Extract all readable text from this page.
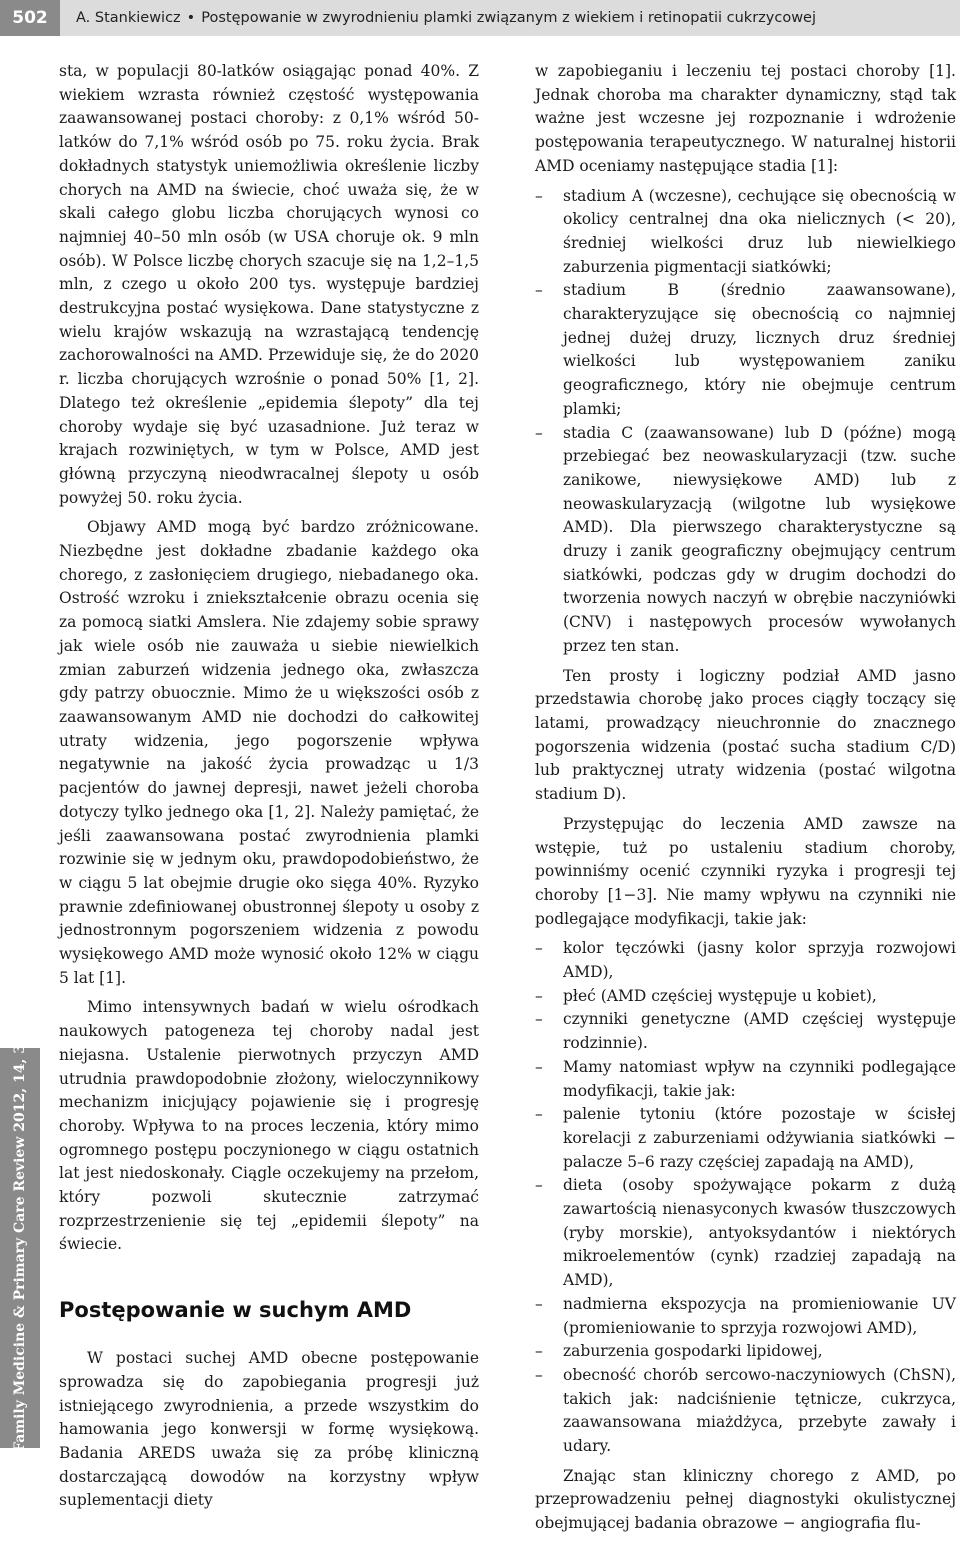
502	A. Stankiewicz • Postępowanie w zwyrodnieniu plamki związanym z wiekiem i retinopatii cukrzycowej
Family Medicine & Primary Care Review 2012, 14, 3

sta, w populacji 80-latków osiągając ponad 40%. Z wiekiem wzrasta również częstość występowania zaawansowanej postaci choroby: z 0,1% wśród 50-latków do 7,1% wśród osób po 75. roku życia. Brak dokładnych statystyk uniemożliwia określenie liczby chorych na AMD na świecie, choć uważa się, że w skali całego globu liczba chorujących wynosi co najmniej 40–50 mln osób (w USA choruje ok. 9 mln osób). W Polsce liczbę chorych szacuje się na 1,2–1,5 mln, z czego u około 200 tys. występuje bardziej destrukcyjna postać wysiękowa. Dane statystyczne z wielu krajów wskazują na wzrastającą tendencję zachorowalności na AMD. Przewiduje się, że do 2020 r. liczba chorujących wzrośnie o ponad 50% [1, 2]. Dlatego też określenie „epidemia ślepoty” dla tej choroby wydaje się być uzasadnione. Już teraz w krajach rozwiniętych, w tym w Polsce, AMD jest główną przyczyną nieodwracalnej ślepoty u osób powyżej 50. roku życia.

Objawy AMD mogą być bardzo zróżnicowane. Niezbędne jest dokładne zbadanie każdego oka chorego, z zasłonięciem drugiego, niebadanego oka. Ostrość wzroku i zniekształcenie obrazu ocenia się za pomocą siatki Amslera. Nie zdajemy sobie sprawy jak wiele osób nie zauważa u siebie niewielkich zmian zaburzeń widzenia jednego oka, zwłaszcza gdy patrzy obuocznie. Mimo że u większości osób z zaawansowanym AMD nie dochodzi do całkowitej utraty widzenia, jego pogorszenie wpływa negatywnie na jakość życia prowadząc u 1/3 pacjentów do jawnej depresji, nawet jeżeli choroba dotyczy tylko jednego oka [1, 2]. Należy pamiętać, że jeśli zaawansowana postać zwyrodnienia plamki rozwinie się w jednym oku, prawdopodobieństwo, że w ciągu 5 lat obejmie drugie oko sięga 40%. Ryzyko prawnie zdefiniowanej obustronnej ślepoty u osoby z jednostronnym pogorszeniem widzenia z powodu wysiękowego AMD może wynosić około 12% w ciągu 5 lat [1].

Mimo intensywnych badań w wielu ośrodkach naukowych patogeneza tej choroby nadal jest niejasna. Ustalenie pierwotnych przyczyn AMD utrudnia prawdopodobnie złożony, wieloczynnikowy mechanizm inicjujący pojawienie się i progresję choroby. Wpływa to na proces leczenia, który mimo ogromnego postępu poczynionego w ciągu ostatnich lat jest niedoskonały. Ciągle oczekujemy na przełom, który pozwoli skutecznie zatrzymać rozprzestrzenienie się tej „epidemii ślepoty” na świecie.

Postępowanie w suchym AMD

W postaci suchej AMD obecne postępowanie sprowadza się do zapobiegania progresji już istniejącego zwyrodnienia, a przede wszystkim do hamowania jego konwersji w formę wysiękową. Badania AREDS uważa się za próbę kliniczną dostarczającą dowodów na korzystny wpływ suplementacji diety

w zapobieganiu i leczeniu tej postaci choroby [1]. Jednak choroba ma charakter dynamiczny, stąd tak ważne jest wczesne jej rozpoznanie i wdrożenie postępowania terapeutycznego. W naturalnej historii AMD oceniamy następujące stadia [1]:

– stadium A (wczesne), cechujące się obecnością w okolicy centralnej dna oka nielicznych (< 20), średniej wielkości druz lub niewielkiego zaburzenia pigmentacji siatkówki;
– stadium B (średnio zaawansowane), charakteryzujące się obecnością co najmniej jednej dużej druzy, licznych druz średniej wielkości lub występowaniem zaniku geograficznego, który nie obejmuje centrum plamki;
– stadia C (zaawansowane) lub D (późne) mogą przebiegać bez neowaskularyzacji (tzw. suche zanikowe, niewysiękowe AMD) lub z neowaskularyzacją (wilgotne lub wysiękowe AMD). Dla pierwszego charakterystyczne są druzy i zanik geograficzny obejmujący centrum siatkówki, podczas gdy w drugim dochodzi do tworzenia nowych naczyń w obrębie naczyniówki (CNV) i następowych procesów wywołanych przez ten stan.

Ten prosty i logiczny podział AMD jasno przedstawia chorobę jako proces ciągły toczący się latami, prowadzący nieuchronnie do znacznego pogorszenia widzenia (postać sucha stadium C/D) lub praktycznej utraty widzenia (postać wilgotna stadium D).

Przystępując do leczenia AMD zawsze na wstępie, tuż po ustaleniu stadium choroby, powinniśmy ocenić czynniki ryzyka i progresji tej choroby [1−3]. Nie mamy wpływu na czynniki nie podlegające modyfikacji, takie jak:

– kolor tęczówki (jasny kolor sprzyja rozwojowi AMD),
– płeć (AMD częściej występuje u kobiet),
– czynniki genetyczne (AMD częściej występuje rodzinnie).
– Mamy natomiast wpływ na czynniki podlegające modyfikacji, takie jak:
– palenie tytoniu (które pozostaje w ścisłej korelacji z zaburzeniami odżywiania siatkówki − palacze 5–6 razy częściej zapadają na AMD),
– dieta (osoby spożywające pokarm z dużą zawartością nienasyconych kwasów tłuszczowych (ryby morskie), antyoksydantów i niektórych mikroelementów (cynk) rzadziej zapadają na AMD),
– nadmierna ekspozycja na promieniowanie UV (promieniowanie to sprzyja rozwojowi AMD),
– zaburzenia gospodarki lipidowej,
– obecność chorób sercowo-naczyniowych (ChSN), takich jak: nadciśnienie tętnicze, cukrzyca, zaawansowana miażdżyca, przebyte zawały i udary.

Znając stan kliniczny chorego z AMD, po przeprowadzeniu pełnej diagnostyki okulistycznej obejmującej badania obrazowe − angiografia flu-
